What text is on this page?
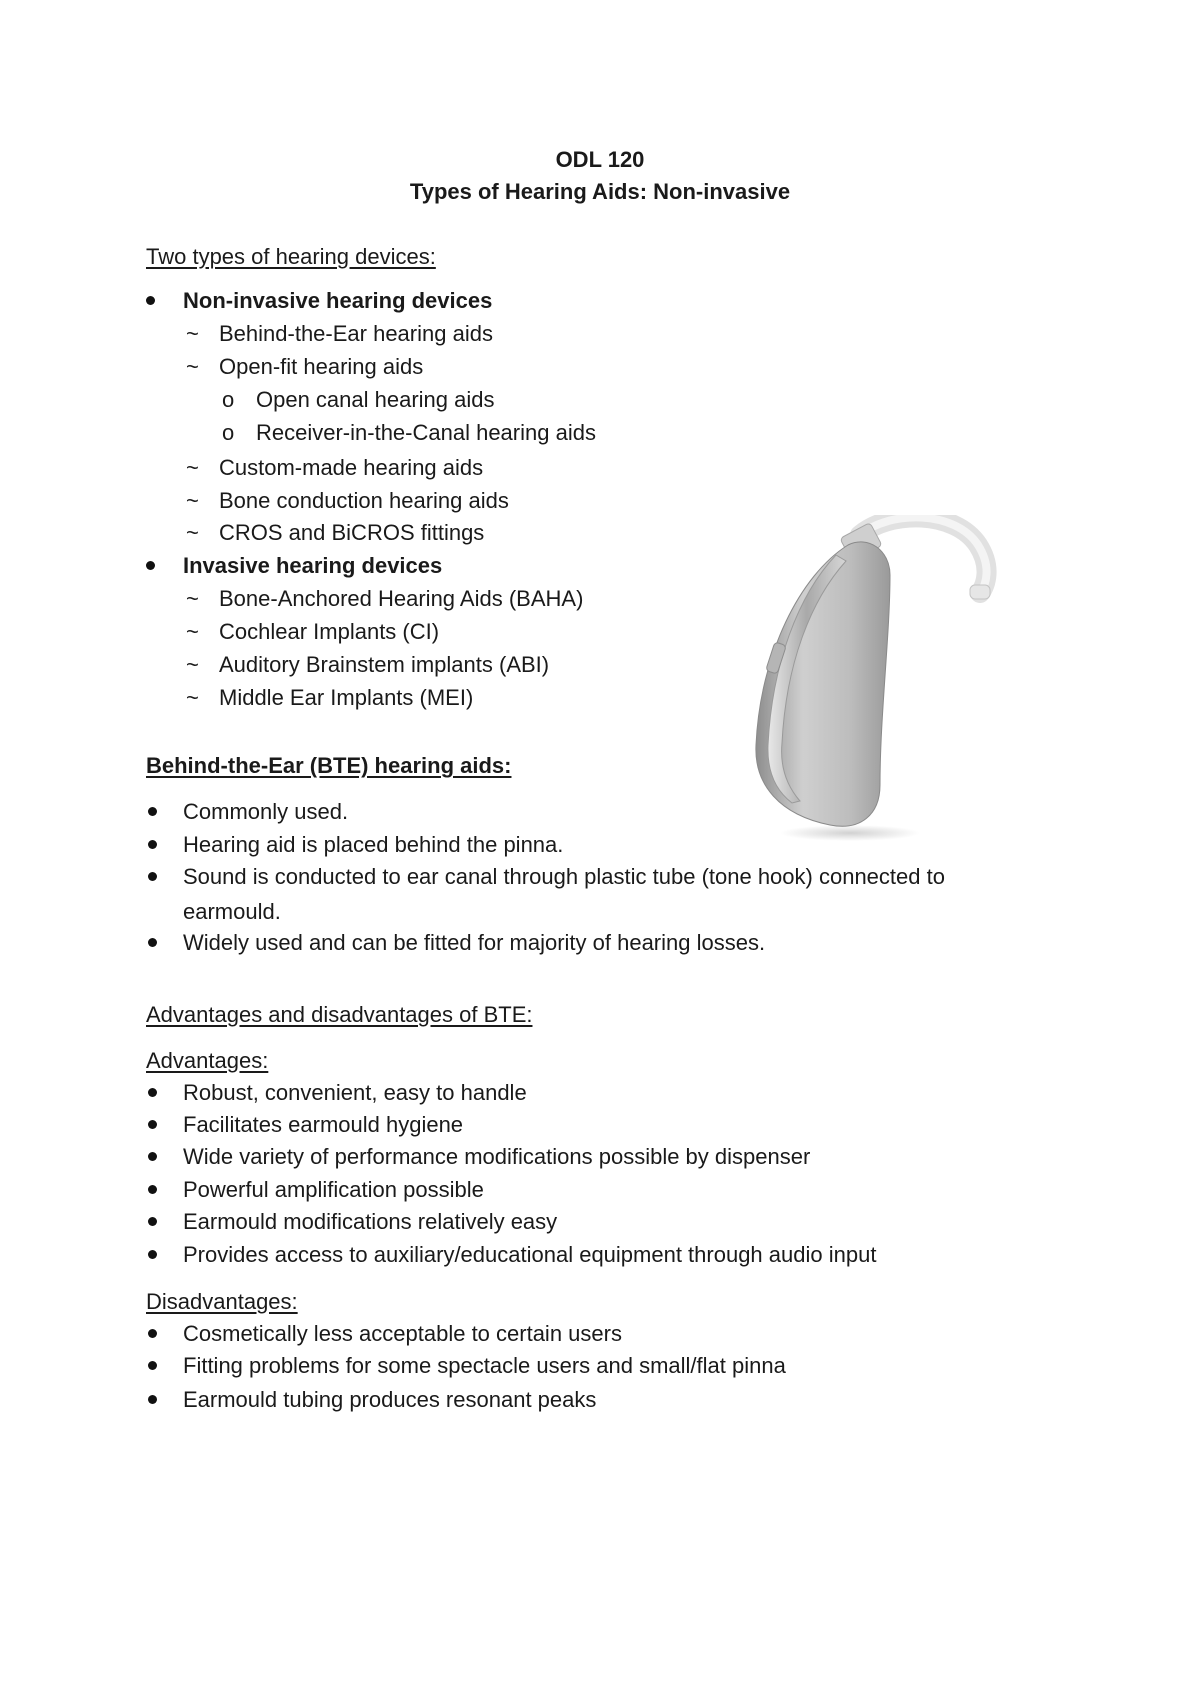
ODL 120
Types of Hearing Aids: Non-invasive
Two types of hearing devices:
Non-invasive hearing devices
~ Behind-the-Ear hearing aids
~ Open-fit hearing aids
o Open canal hearing aids
o Receiver-in-the-Canal hearing aids
~ Custom-made hearing aids
~ Bone conduction hearing aids
~ CROS and BiCROS fittings
Invasive hearing devices
~ Bone-Anchored Hearing Aids (BAHA)
~ Cochlear Implants (CI)
~ Auditory Brainstem implants (ABI)
~ Middle Ear Implants (MEI)
Behind-the-Ear (BTE) hearing aids:
Commonly used.
Hearing aid is placed behind the pinna.
Sound is conducted to ear canal through plastic tube (tone hook) connected to
earmould.
Widely used and can be fitted for majority of hearing losses.
Advantages and disadvantages of BTE:
Advantages:
Robust, convenient, easy to handle
Facilitates earmould hygiene
Wide variety of performance modifications possible by dispenser
Powerful amplification possible
Earmould modifications relatively easy
Provides access to auxiliary/educational equipment through audio input
Disadvantages:
Cosmetically less acceptable to certain users
Fitting problems for some spectacle users and small/flat pinna
Earmould tubing produces resonant peaks
